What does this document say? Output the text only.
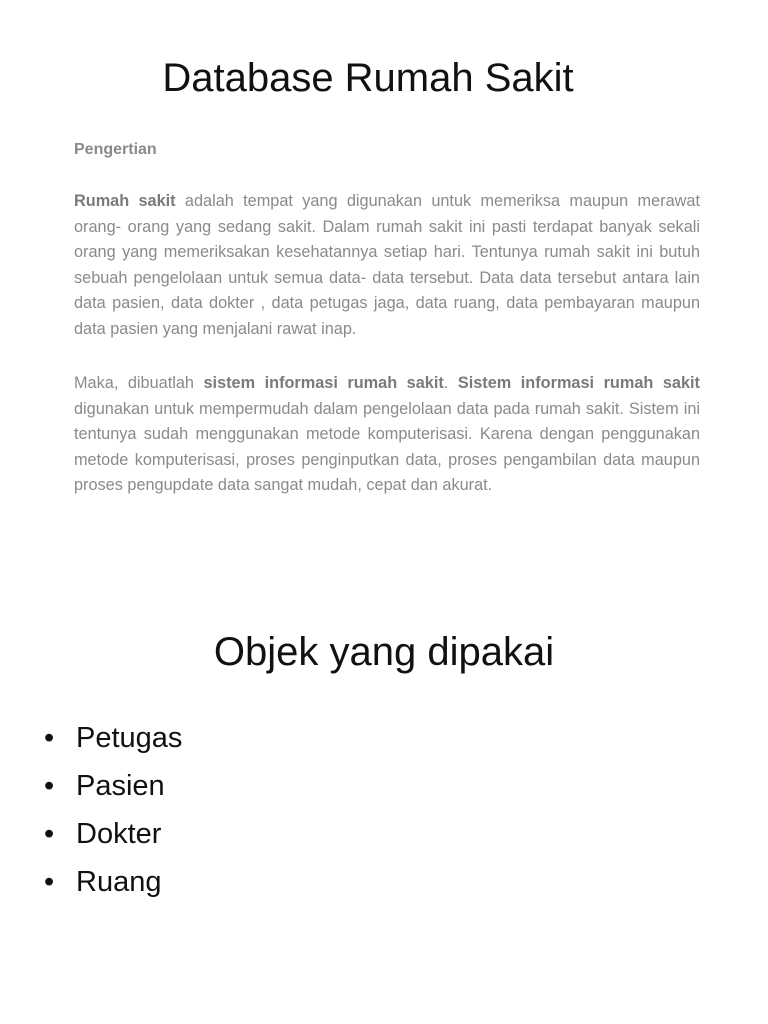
Database Rumah Sakit

Pengertian

Rumah sakit adalah tempat yang digunakan untuk memeriksa maupun merawat orang- orang yang sedang sakit. Dalam rumah sakit ini pasti terdapat banyak sekali orang yang memeriksakan kesehatannya setiap hari. Tentunya rumah sakit ini butuh sebuah pengelolaan untuk semua data- data tersebut. Data data tersebut antara lain data pasien, data dokter , data petugas jaga, data ruang, data pembayaran maupun data pasien yang menjalani rawat inap.

Maka, dibuatlah sistem informasi rumah sakit. Sistem informasi rumah sakit digunakan untuk mempermudah dalam pengelolaan data pada rumah sakit. Sistem ini tentunya sudah menggunakan metode komputerisasi. Karena dengan penggunakan metode komputerisasi, proses penginputkan data, proses pengambilan data maupun proses pengupdate data sangat mudah, cepat dan akurat.

Objek yang dipakai
• Petugas
• Pasien
• Dokter
• Ruang
